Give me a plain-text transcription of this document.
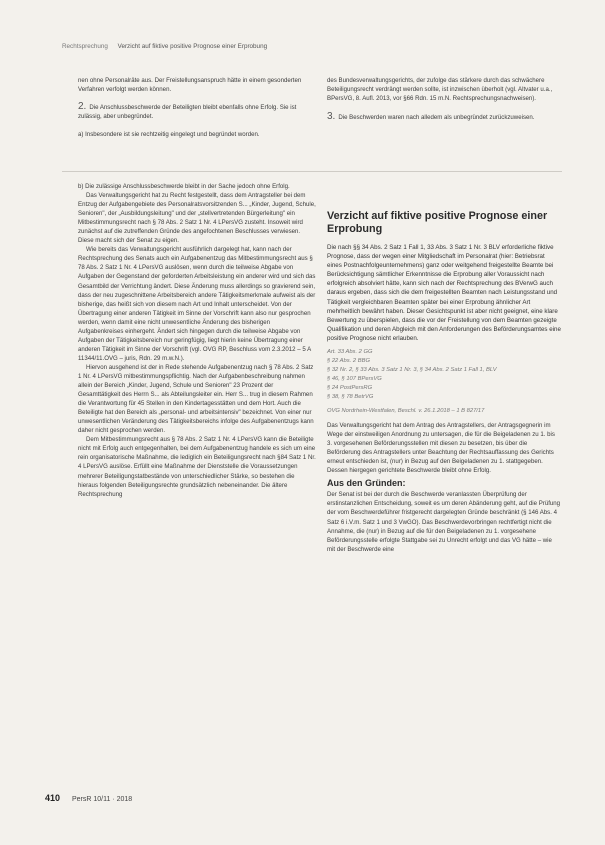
Rechtsprechung Verzicht auf fiktive positive Prognose einer Erprobung

nen ohne Personalräte aus. Der Freistellungsanspruch hätte in einem gesonderten Verfahren verfolgt werden können.

2. Die Anschlussbeschwerde der Beteiligten bleibt ebenfalls ohne Erfolg. Sie ist zulässig, aber unbegründet.

a) Insbesondere ist sie rechtzeitig eingelegt und begründet worden.

des Bundesverwaltungsgerichts, der zufolge das stärkere durch das schwächere Beteiligungsrecht verdrängt werden sollte, ist inzwischen überholt (vgl. Altvater u.a., BPersVG, 8. Aufl. 2013, vor §66 Rdn. 15 m.N. Rechtsprechungsnachweisen).

3. Die Beschwerden waren nach alledem als unbegründet zurückzuweisen.

b) Die zulässige Anschlussbeschwerde bleibt in der Sache jedoch ohne Erfolg.

Das Verwaltungsgericht hat zu Recht festgestellt, dass dem Antragsteller bei dem Entzug der Aufgabengebiete des Personalratsvorsitzenden S... „Kinder, Jugend, Schule, Senioren", der „Ausbildungsleitung" und der „stellvertretenden Bürgerleitung" ein Mitbestimmungsrecht nach § 78 Abs. 2 Satz 1 Nr. 4 LPersVG zusteht. Insoweit wird zunächst auf die zutreffenden Gründe des angefochtenen Beschlusses verwiesen. Diese macht sich der Senat zu eigen.

Wie bereits das Verwaltungsgericht ausführlich dargelegt hat, kann nach der Rechtsprechung des Senats auch ein Aufgabenentzug das Mitbestimmungsrecht aus § 78 Abs. 2 Satz 1 Nr. 4 LPersVG auslösen, wenn durch die teilweise Abgabe von Aufgaben der Gegenstand der geforderten Arbeitsleistung ein anderer wird und sich das Gesamtbild der Verrichtung ändert. Diese Änderung muss allerdings so gravierend sein, dass der neu zugeschnittene Arbeitsbereich andere Tätigkeitsmerkmale aufweist als der bisherige, das heißt sich von diesem nach Art und Inhalt unterscheidet. Von der Übertragung einer anderen Tätigkeit im Sinne der Vorschrift kann also nur gesprochen werden, wenn damit eine nicht unwesentliche Änderung des bisherigen Aufgabenkreises einhergeht. Ändert sich hingegen durch die teilweise Abgabe von Aufgaben der Tätigkeitsbereich nur geringfügig, liegt hierin keine Übertragung einer anderen Tätigkeit im Sinne der Vorschrift (vgl. OVG RP, Beschluss vom 2.3.2012 – 5 A 11344/11.OVG – juris, Rdn. 29 m.w.N.).

Hiervon ausgehend ist der in Rede stehende Aufgabenentzug nach § 78 Abs. 2 Satz 1 Nr. 4 LPersVG mitbestimmungspflichtig. Nach der Aufgabenbeschreibung nahmen allein der Bereich „Kinder, Jugend, Schule und Senioren" 23 Prozent der Gesamttätigkeit des Herrn S... als Abteilungsleiter ein. Herr S... trug in diesem Rahmen die Verantwortung für 45 Stellen in den Kindertagesstätten und dem Hort. Auch die Beteiligte hat den Bereich als „personal- und arbeitsintensiv" bezeichnet. Von einer nur unwesentlichen Veränderung des Tätigkeitsbereichs infolge des Aufgabenentzugs kann daher nicht gesprochen werden.

Dem Mitbestimmungsrecht aus § 78 Abs. 2 Satz 1 Nr. 4 LPersVG kann die Beteiligte nicht mit Erfolg auch entgegenhalten, bei dem Aufgabenentzug handele es sich um eine rein organisatorische Maßnahme, die lediglich ein Beteiligungsrecht nach §84 Satz 1 Nr. 4 LPersVG auslöse. Erfüllt eine Maßnahme der Dienststelle die Voraussetzungen mehrerer Beteiligungstatbestände von unterschiedlicher Stärke, so bestehen die hieraus folgenden Beteiligungsrechte grundsätzlich nebeneinander. Die ältere Rechtsprechung

Verzicht auf fiktive positive Prognose einer Erprobung

Die nach §§ 34 Abs. 2 Satz 1 Fall 1, 33 Abs. 3 Satz 1 Nr. 3 BLV erforderliche fiktive Prognose, dass der wegen einer Mitgliedschaft im Personalrat (hier: Betriebsrat eines Postnachfolgeunternehmens) ganz oder weitgehend freigestellte Beamte bei Berücksichtigung sämtlicher Erkenntnisse die Erprobung aller Voraussicht nach erfolgreich absolviert hätte, kann sich nach der Rechtsprechung des BVerwG auch daraus ergeben, dass sich die dem freigestellten Beamten nach Leistungsstand und Tätigkeit vergleichbaren Beamten später bei einer Erprobung ähnlicher Art mehrheitlich bewährt haben. Dieser Gesichtspunkt ist aber nicht geeignet, eine klare Bewertung zu überspielen, dass die vor der Freistellung von dem Beamten gezeigte Qualifikation und deren Abgleich mit den Anforderungen des Beförderungsamtes eine positive Prognose nicht erlauben.

Art. 33 Abs. 2 GG
§ 22 Abs. 2 BBG
§ 32 Nr. 2, § 33 Abs. 3 Satz 1 Nr. 3, § 34 Abs. 2 Satz 1 Fall 1, BLV
§ 46, § 107 BPersVG
§ 24 PostPersRG
§ 38, § 78 BetrVG
OVG Nordrhein-Westfalen, Beschl. v. 26.1.2018 – 1 B 827/17

Das Verwaltungsgericht hat dem Antrag des Antragstellers, der Antragsgegnerin im Wege der einstweiligen Anordnung zu untersagen, die für die Beigeladenen zu 1. bis 3. vorgesehenen Beförderungsstellen mit diesen zu besetzen, bis über die Beförderung des Antragstellers unter Beachtung der Rechtsauffassung des Gerichts erneut entschieden ist, (nur) in Bezug auf den Beigeladenen zu 1. stattgegeben. Dessen hiergegen gerichtete Beschwerde bleibt ohne Erfolg.

Aus den Gründen:

Der Senat ist bei der durch die Beschwerde veranlassten Überprüfung der erstinstanzlichen Entscheidung, soweit es um deren Abänderung geht, auf die Prüfung der vom Beschwerdeführer fristgerecht dargelegten Gründe beschränkt (§ 146 Abs. 4 Satz 6 i.V.m. Satz 1 und 3 VwGO). Das Beschwerdevorbringen rechtfertigt nicht die Annahme, die (nur) in Bezug auf die für den Beigeladenen zu 1. vorgesehene Beförderungsstelle erfolgte Stattgabe sei zu Unrecht erfolgt und das VG hätte – wie mit der Beschwerde eine

410 PersR 10/11 · 2018
